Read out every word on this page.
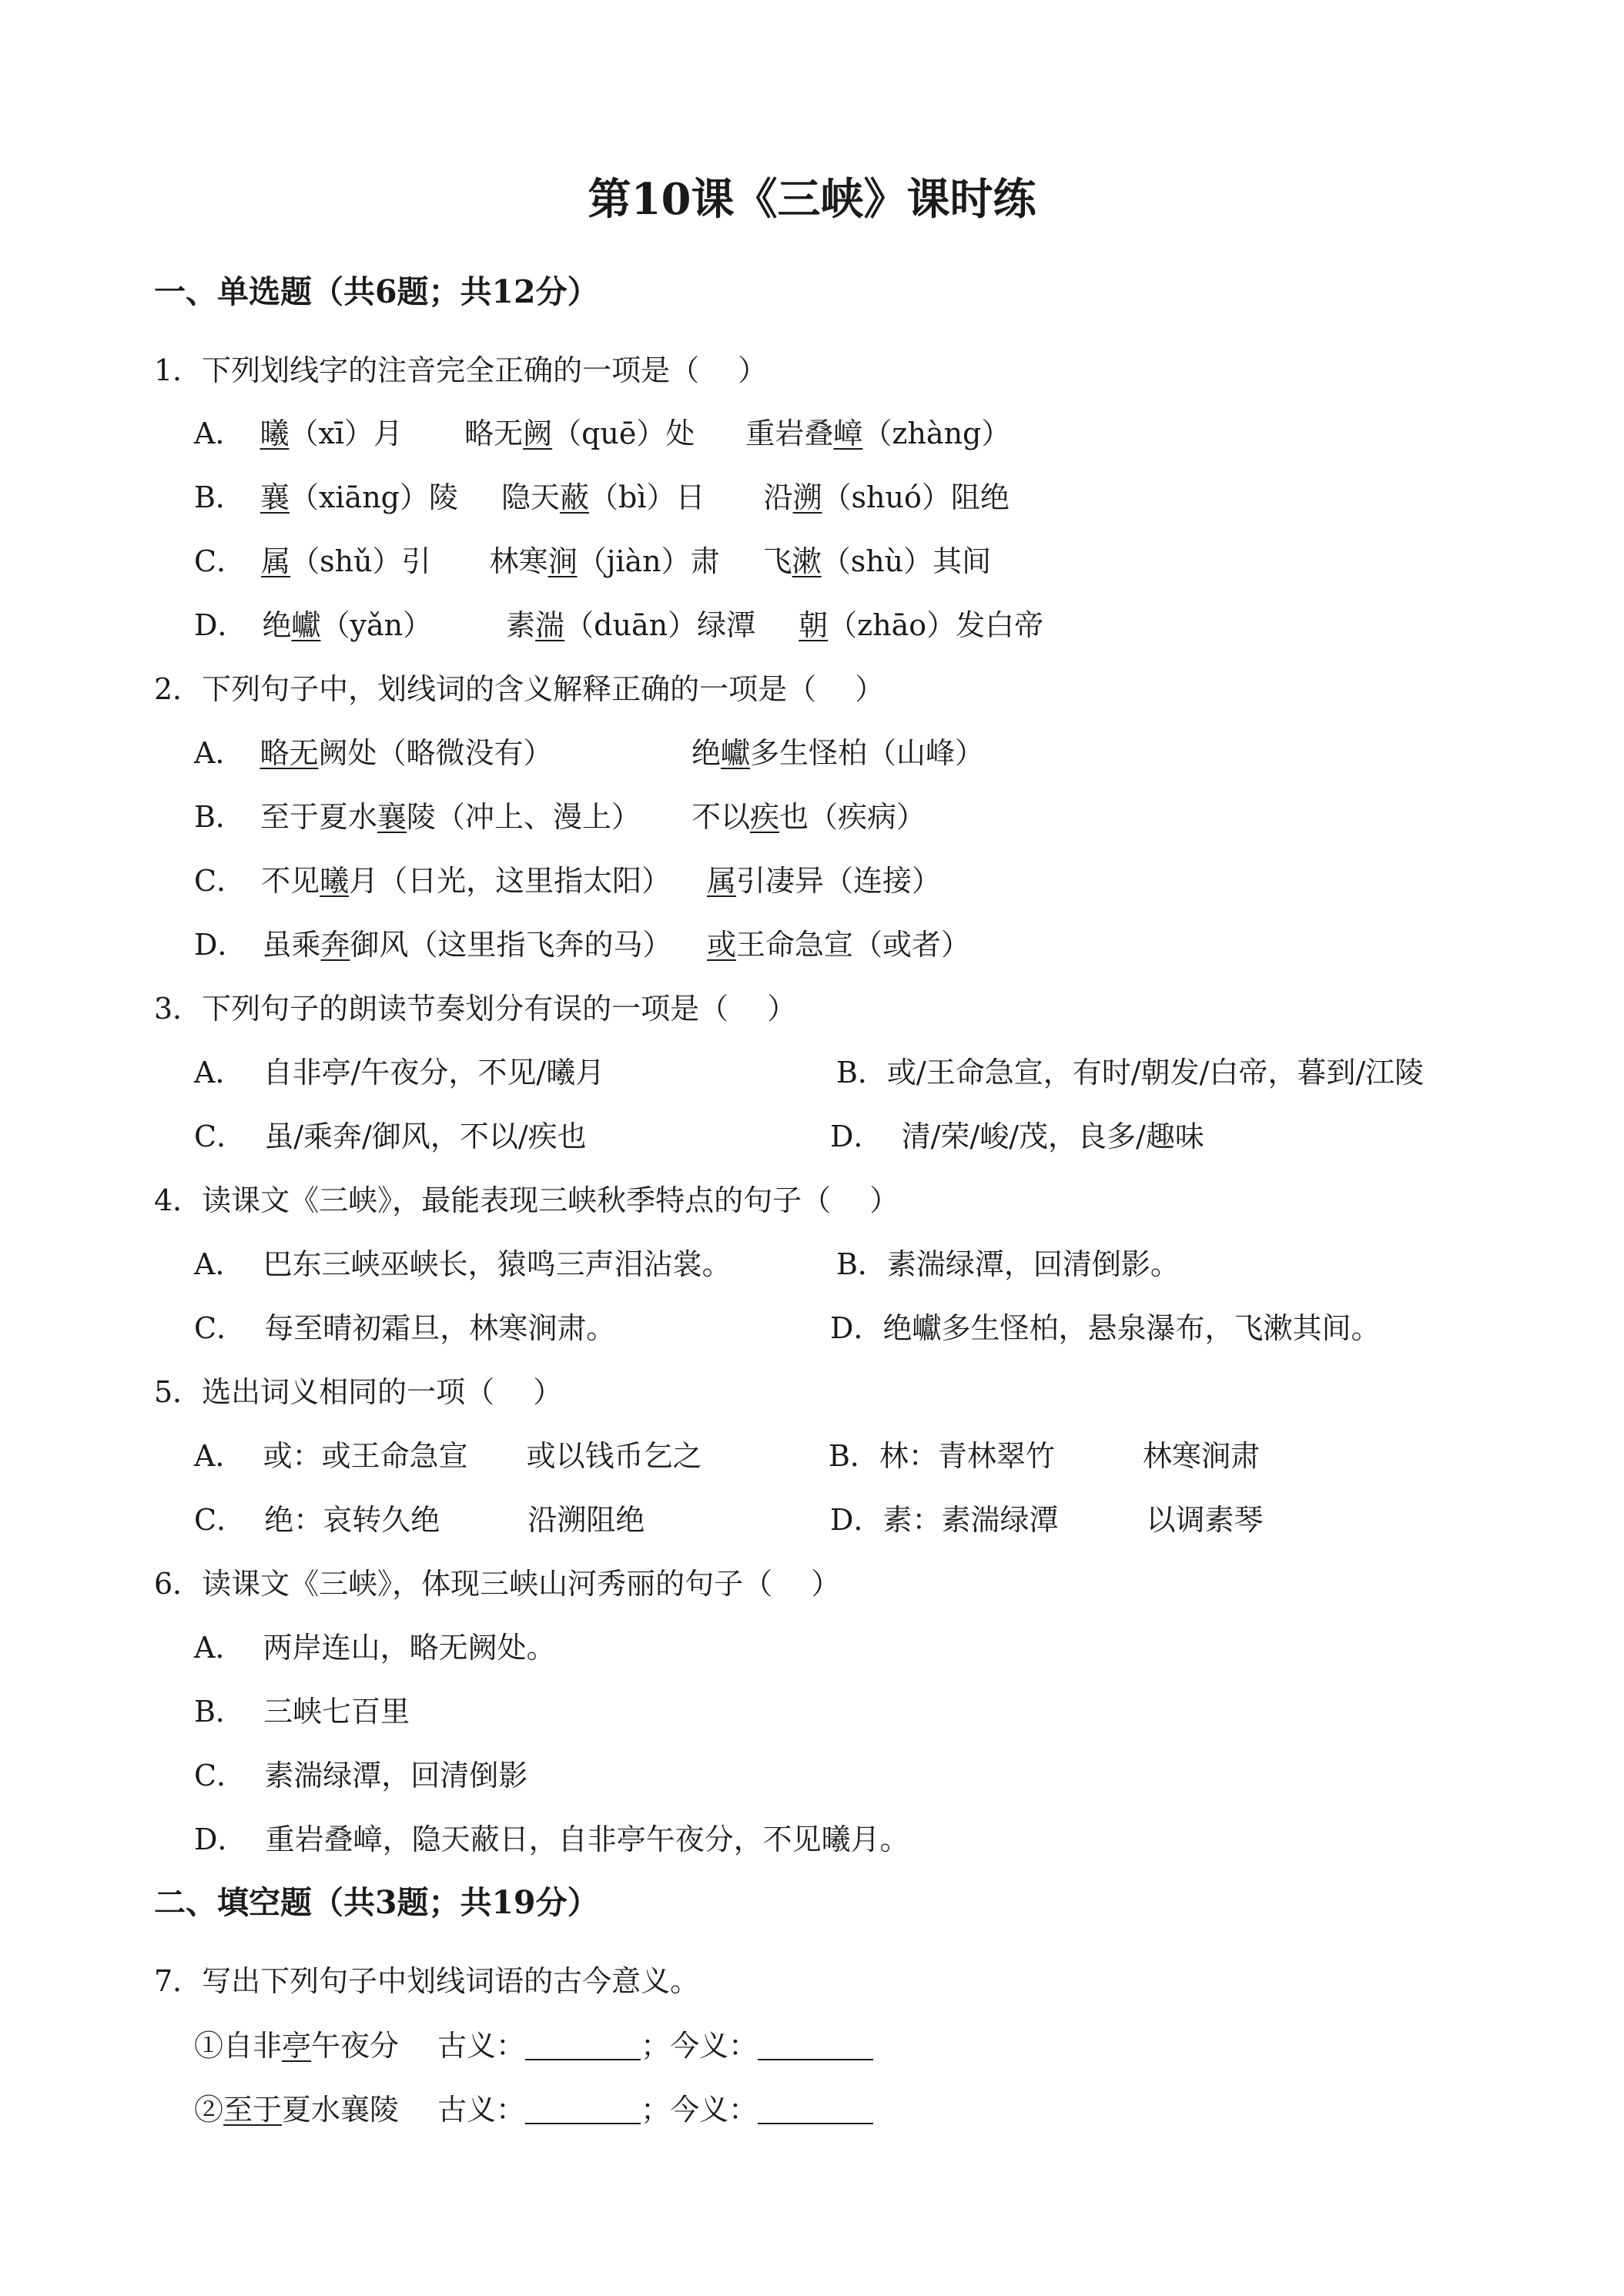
第10课《三峡》课时练
一、单选题（共6题；共12分）
1．下列划线字的注音完全正确的一项是（　 ）
A． 曦（xī）月 略无阙（quē）处 重岩叠嶂（zhàng）
B． 襄（xiāng）陵 隐天蔽（bì）日 沿溯（shuó）阻绝
C． 属（shǔ）引 林寒涧（jiàn）肃 飞漱（shù）其间
D． 绝巘（yǎn）	素湍（duān）绿潭 朝（zhāo）发白帝
2．下列句子中，划线词的含义解释正确的一项是（　 ）
A． 略无阙处（略微没有）	绝巘多生怪柏（山峰）
B． 至于夏水襄陵（冲上、漫上） 不以疾也（疾病）
C． 不见曦月（日光，这里指太阳） 属引凄异（连接）
D． 虽乘奔御风（这里指飞奔的马） 或王命急宣（或者）
3．下列句子的朗读节奏划分有误的一项是（　 ）
A．  自非亭/午夜分，不见/曦月	B．或/王命急宣，有时/朝发/白帝，暮到/江陵
C．  虽/乘奔/御风，不以/疾也	D．  清/荣/峻/茂，良多/趣味
4．读课文《三峡》，最能表现三峡秋季特点的句子（　 ）
A．  巴东三峡巫峡长，猿鸣三声泪沾裳。	B．素湍绿潭，回清倒影。
C．  每至晴初霜旦，林寒涧肃。	D．绝巘多生怪柏，悬泉瀑布，飞漱其间。
5．选出词义相同的一项（　 ）
A．  或：或王命急宣　　或以钱币乞之	B．林：青林翠竹　　　林寒涧肃
C．  绝：哀转久绝　　　沿溯阻绝	D．素：素湍绿潭　　　以调素琴
6．读课文《三峡》，体现三峡山河秀丽的句子（　 ）
A．  两岸连山，略无阙处。
B．  三峡七百里
C．  素湍绿潭，回清倒影
D．  重岩叠嶂，隐天蔽日，自非亭午夜分，不见曦月。
二、填空题（共3题；共19分）
7．写出下列句子中划线词语的古今意义。
①自非亭午夜分 古义：	；今义：
②至于夏水襄陵 古义：	；今义：
